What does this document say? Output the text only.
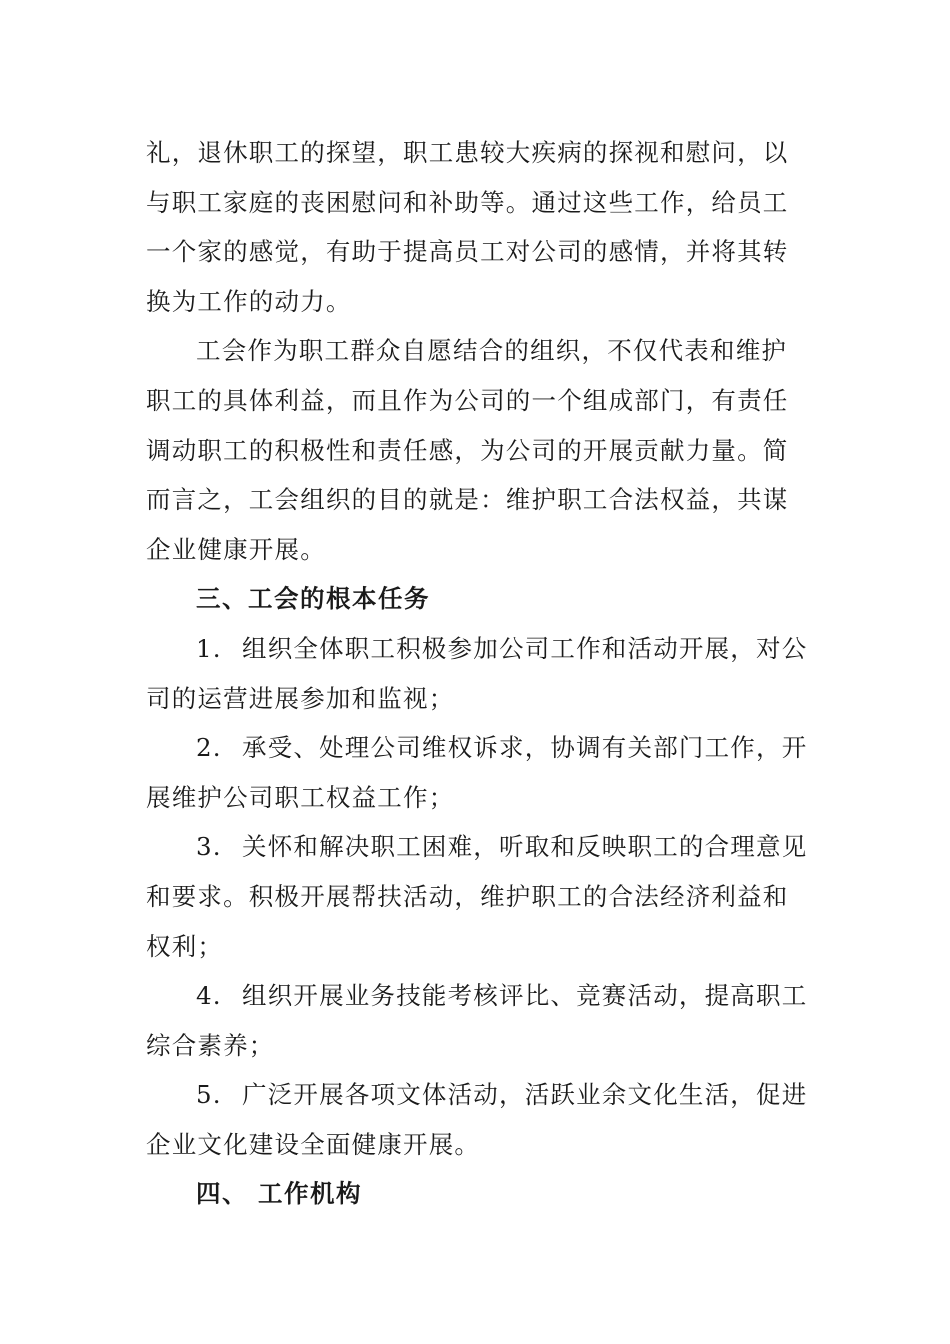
礼，退休职工的探望，职工患较大疾病的探视和慰问，以
与职工家庭的丧困慰问和补助等。通过这些工作，给员工
一个家的感觉，有助于提高员工对公司的感情，并将其转
换为工作的动力。
工会作为职工群众自愿结合的组织，不仅代表和维护
职工的具体利益，而且作为公司的一个组成部门，有责任
调动职工的积极性和责任感，为公司的开展贡献力量。简
而言之，工会组织的目的就是：维护职工合法权益，共谋
企业健康开展。
三、工会的根本任务
1. 组织全体职工积极参加公司工作和活动开展，对公
司的运营进展参加和监视；
2. 承受、处理公司维权诉求，协调有关部门工作，开
展维护公司职工权益工作；
3. 关怀和解决职工困难，听取和反映职工的合理意见
和要求。积极开展帮扶活动，维护职工的合法经济利益和
权利；
4. 组织开展业务技能考核评比、竞赛活动，提高职工
综合素养；
5. 广泛开展各项文体活动，活跃业余文化生活，促进
企业文化建设全面健康开展。
四、 工作机构
